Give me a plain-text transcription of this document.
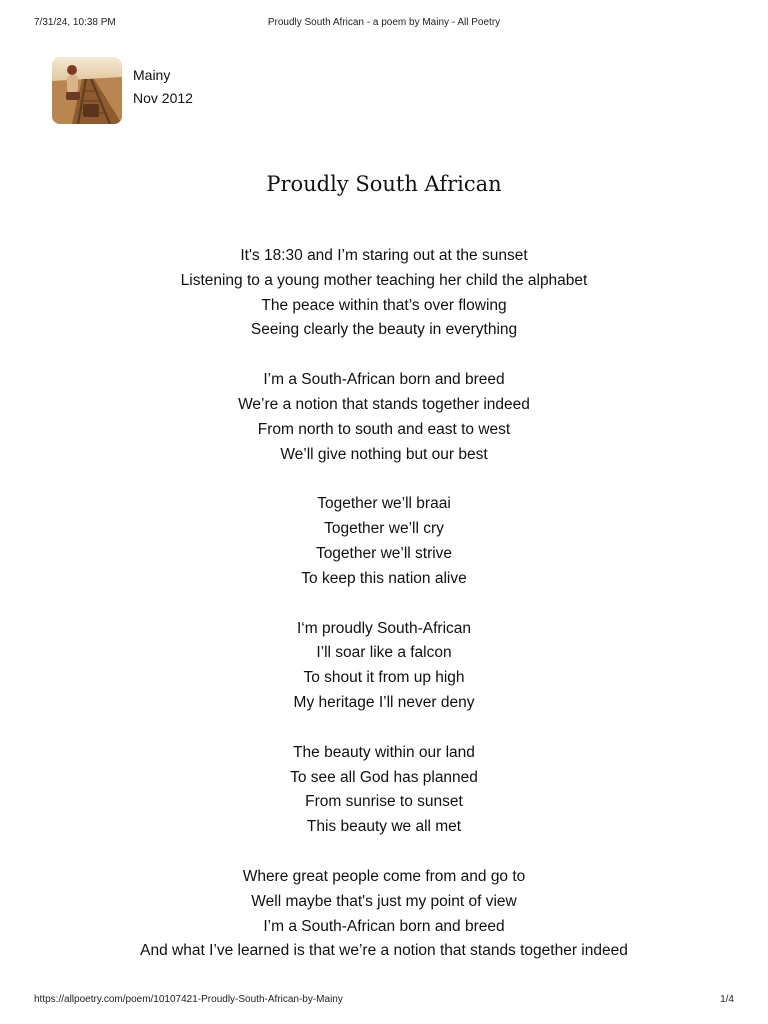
7/31/24, 10:38 PM	Proudly South African - a poem by Mainy - All Poetry
Mainy
Nov 2012
Proudly South African
It's 18:30 and I’m staring out at the sunset
Listening to a young mother teaching her child the alphabet
The peace within that’s over flowing
Seeing clearly the beauty in everything
I’m a South-African born and breed
We’re a notion that stands together indeed
From north to south and east to west
We’ll give nothing but our best
Together we’ll braai
Together we’ll cry
Together we’ll strive
To keep this nation alive
I‘m proudly South-African
I’ll soar like a falcon
To shout it from up high
My heritage I’ll never deny
The beauty within our land
To see all God has planned
From sunrise to sunset
This beauty we all met
Where great people come from and go to
Well maybe that's just my point of view
I’m a South-African born and breed
And what I’ve learned is that we’re a notion that stands together indeed
https://allpoetry.com/poem/10107421-Proudly-South-African-by-Mainy	1/4
